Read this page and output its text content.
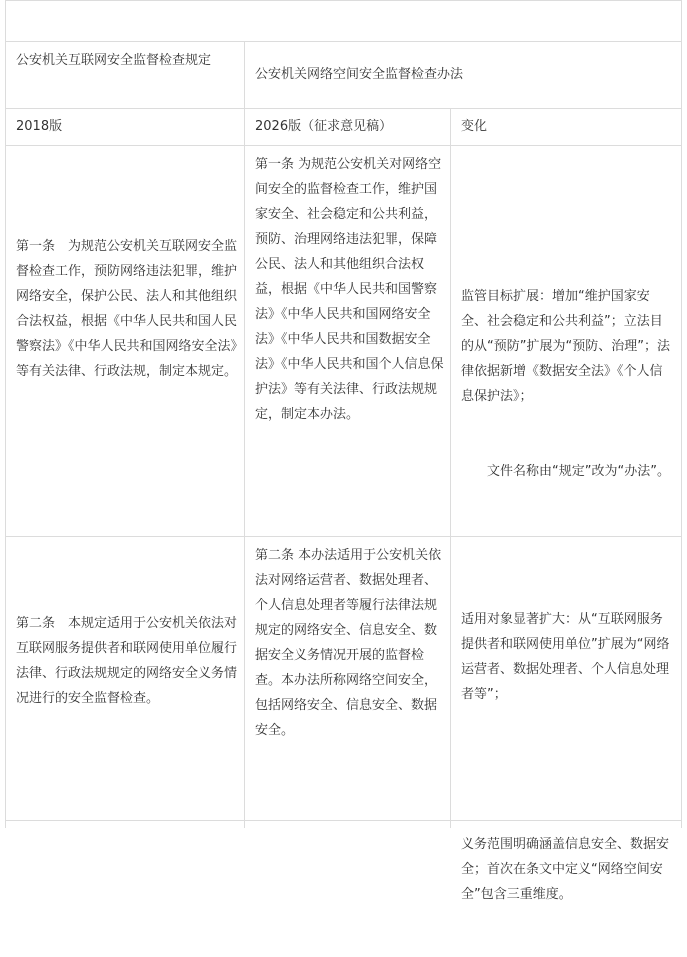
公安机关互联网安全监督检查规定
公安机关网络空间安全监督检查办法
2018版	2026版（征求意见稿）	变化
第一条　为规范公安机关互联网安全监督检查工作，预防网络违法犯罪，维护网络安全，保护公民、法人和其他组织合法权益，根据《中华人民共和国人民警察法》《中华人民共和国网络安全法》等有关法律、行政法规，制定本规定。
第一条 为规范公安机关对网络空间安全的监督检查工作，维护国家安全、社会稳定和公共利益，预防、治理网络违法犯罪，保障公民、法人和其他组织合法权益，根据《中华人民共和国警察法》《中华人民共和国网络安全法》《中华人民共和国数据安全法》《中华人民共和国个人信息保护法》等有关法律、行政法规规定，制定本办法。

监管目标扩展：增加“维护国家安全、社会稳定和公共利益”；立法目的从“预防”扩展为“预防、治理”；法律依据新增《数据安全法》《个人信息保护法》；

文件名称由“规定”改为“办法”。

第二条　本规定适用于公安机关依法对互联网服务提供者和联网使用单位履行法律、行政法规规定的网络安全义务情况进行的安全监督检查。
第二条 本办法适用于公安机关依法对网络运营者、数据处理者、个人信息处理者等履行法律法规规定的网络安全、信息安全、数据安全义务情况开展的监督检查。本办法所称网络空间安全，包括网络安全、信息安全、数据安全。

适用对象显著扩大：从“互联网服务提供者和联网使用单位”扩展为“网络运营者、数据处理者、个人信息处理者等”；

义务范围明确涵盖信息安全、数据安全；首次在条文中定义“网络空间安全”包含三重维度。
